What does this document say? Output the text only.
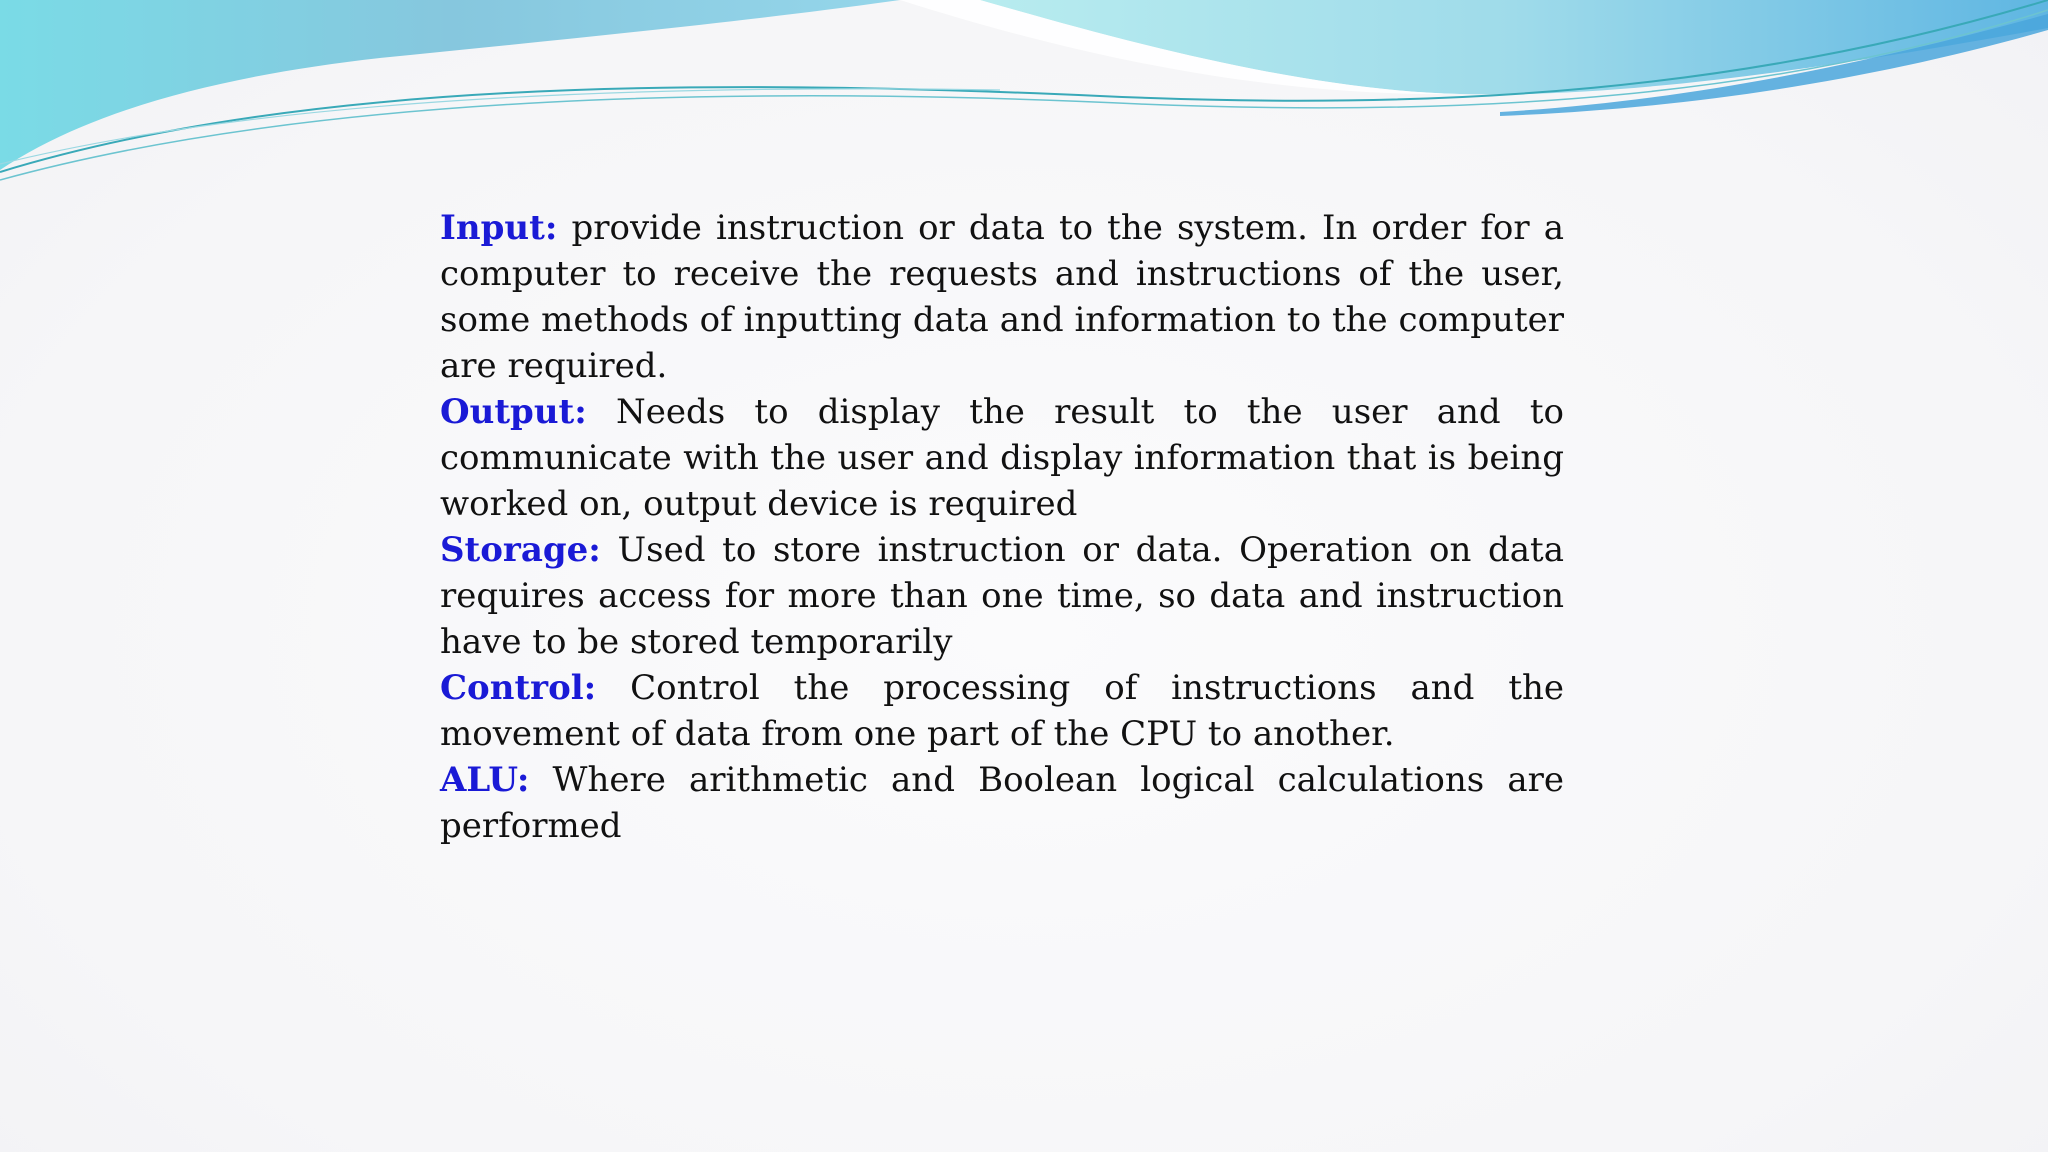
Input: provide instruction or data to the system. In order for a computer to receive the requests and instructions of the user, some methods of inputting data and information to the computer are required.

Output: Needs to display the result to the user and to communicate with the user and display information that is being worked on, output device is required

Storage: Used to store instruction or data. Operation on data requires access for more than one time, so data and instruction have to be stored temporarily

Control: Control the processing of instructions and the movement of data from one part of the CPU to another.

ALU: Where arithmetic and Boolean logical calculations are performed
